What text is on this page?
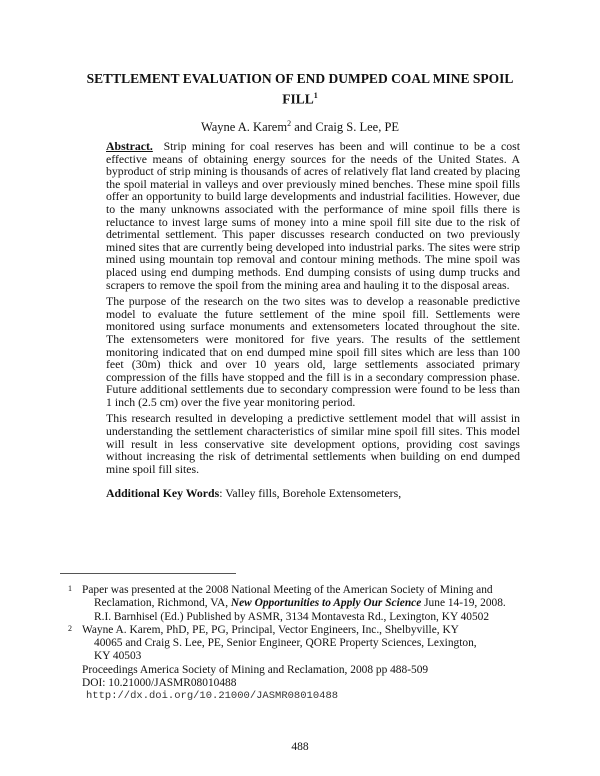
SETTLEMENT EVALUATION OF END DUMPED COAL MINE SPOIL
FILL$^1$
Wayne A. Karem$^2$ and Craig S. Lee, PE

Abstract. Strip mining for coal reserves has been and will continue to be a cost effective means of obtaining energy sources for the needs of the United States. A byproduct of strip mining is thousands of acres of relatively flat land created by placing the spoil material in valleys and over previously mined benches. These mine spoil fills offer an opportunity to build large developments and industrial facilities. However, due to the many unknowns associated with the performance of mine spoil fills there is reluctance to invest large sums of money into a mine spoil fill site due to the risk of detrimental settlement. This paper discusses research conducted on two previously mined sites that are currently being developed into industrial parks. The sites were strip mined using mountain top removal and contour mining methods. The mine spoil was placed using end dumping methods. End dumping consists of using dump trucks and scrapers to remove the spoil from the mining area and hauling it to the disposal areas.

The purpose of the research on the two sites was to develop a reasonable predictive model to evaluate the future settlement of the mine spoil fill. Settlements were monitored using surface monuments and extensometers located throughout the site. The extensometers were monitored for five years. The results of the settlement monitoring indicated that on end dumped mine spoil fill sites which are less than 100 feet (30m) thick and over 10 years old, large settlements associated primary compression of the fills have stopped and the fill is in a secondary compression phase. Future additional settlements due to secondary compression were found to be less than 1 inch (2.5 cm) over the five year monitoring period.

This research resulted in developing a predictive settlement model that will assist in understanding the settlement characteristics of similar mine spoil fill sites. This model will result in less conservative site development options, providing cost savings without increasing the risk of detrimental settlements when building on end dumped mine spoil fill sites.

Additional Key Words: Valley fills, Borehole Extensometers,

1 Paper was presented at the 2008 National Meeting of the American Society of Mining and
Reclamation, Richmond, VA, New Opportunities to Apply Our Science June 14-19, 2008.
R.I. Barnhisel (Ed.) Published by ASMR, 3134 Montavesta Rd., Lexington, KY 40502
2 Wayne A. Karem, PhD, PE, PG, Principal, Vector Engineers, Inc., Shelbyville, KY
40065 and Craig S. Lee, PE, Senior Engineer, QORE Property Sciences, Lexington,
KY 40503
Proceedings America Society of Mining and Reclamation, 2008 pp 488-509
DOI: 10.21000/JASMR08010488
http://dx.doi.org/10.21000/JASMR08010488
488
